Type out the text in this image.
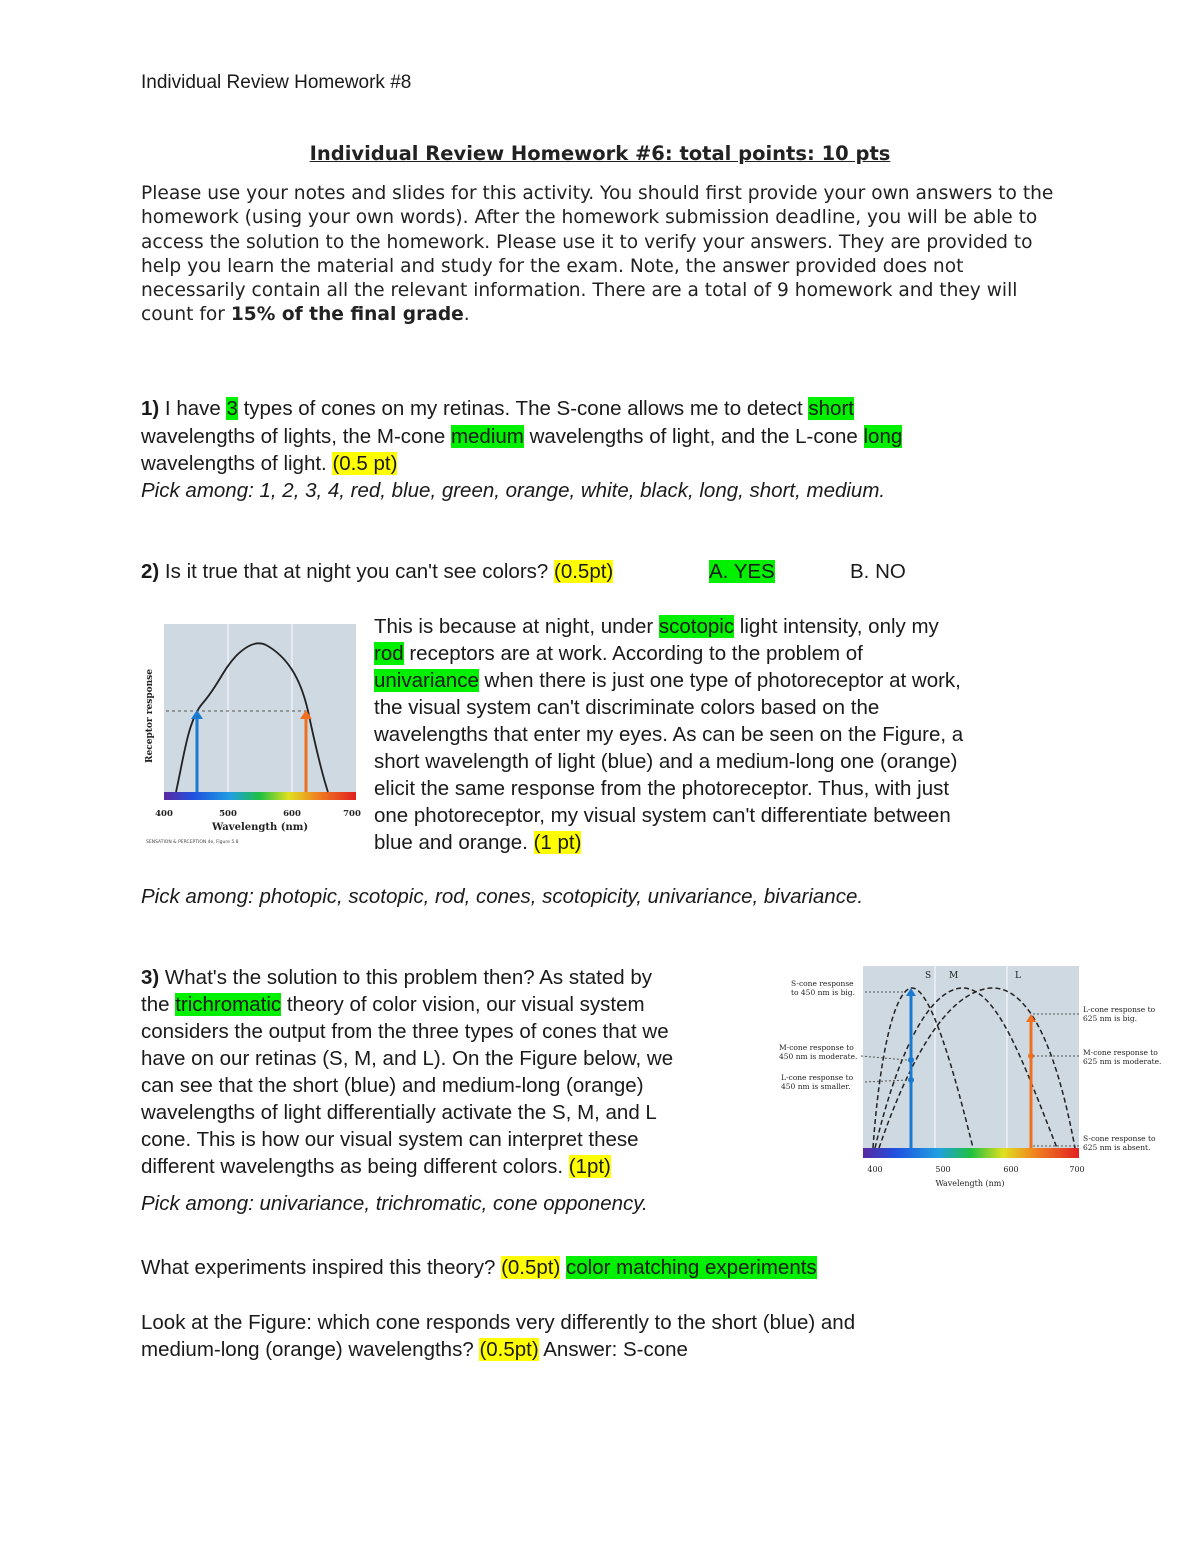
Individual Review Homework #8
Individual Review Homework #6: total points: 10 pts
Please use your notes and slides for this activity. You should first provide your own answers to the homework (using your own words). After the homework submission deadline, you will be able to access the solution to the homework. Please use it to verify your answers. They are provided to help you learn the material and study for the exam. Note, the answer provided does not necessarily contain all the relevant information. There are a total of 9 homework and they will count for 15% of the final grade.
1) I have 3 types of cones on my retinas. The S-cone allows me to detect short
wavelengths of lights, the M-cone medium wavelengths of light, and the L-cone long
wavelengths of light. (0.5 pt)
Pick among: 1, 2, 3, 4, red, blue, green, orange, white, black, long, short, medium.
2) Is it true that at night you can't see colors? (0.5pt)	A. YES	B. NO
This is because at night, under scotopic light intensity, only my
rod receptors are at work. According to the problem of
univariance when there is just one type of photoreceptor at work,
the visual system can't discriminate colors based on the
wavelengths that enter my eyes. As can be seen on the Figure, a
short wavelength of light (blue) and a medium-long one (orange)
elicit the same response from the photoreceptor. Thus, with just
one photoreceptor, my visual system can't differentiate between
blue and orange. (1 pt)
Pick among: photopic, scotopic, rod, cones, scotopicity, univariance, bivariance.
Receptor response
400	500	600	700
Wavelength (nm)
SENSATION & PERCEPTION 4e, Figure 5.8
3) What's the solution to this problem then? As stated by
the trichromatic theory of color vision, our visual system
considers the output from the three types of cones that we
have on our retinas (S, M, and L). On the Figure below, we
can see that the short (blue) and medium-long (orange)
wavelengths of light differentially activate the S, M, and L
cone. This is how our visual system can interpret these
different wavelengths as being different colors. (1pt)
Pick among: univariance, trichromatic, cone opponency.
What experiments inspired this theory? (0.5pt) color matching experiments
Look at the Figure: which cone responds very differently to the short (blue) and
medium-long (orange) wavelengths? (0.5pt) Answer: S-cone
S M	L
S-cone response
to 450 nm is big.
M-cone response to
450 nm is moderate.
L-cone response to
450 nm is smaller.
L-cone response to
625 nm is big.
M-cone response to
625 nm is moderate.
S-cone response to
625 nm is absent.
400	500	600	700
Wavelength (nm)
